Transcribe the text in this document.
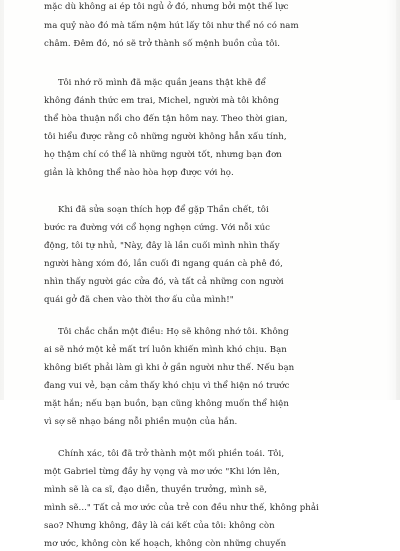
mặc dù không ai ép tôi ngủ ở đó, nhưng bởi một thế lực
ma quỷ nào đó mà tấm nệm hút lấy tôi như thể nó có nam
châm. Đêm đó, nó sẽ trở thành số mệnh buồn của tôi.
Tôi nhớ rõ mình đã mặc quần jeans thật khẽ để
không đánh thức em trai, Michel, người mà tôi không
thể hòa thuận nổi cho đến tận hôm nay. Theo thời gian,
tôi hiểu được rằng cô những người không hẳn xấu tính,
họ thậm chí có thể là những người tốt, nhưng bạn đơn
giản là không thể nào hòa hợp được với họ.
Khi đã sửa soạn thích hợp để gặp Thần chết, tôi
bước ra đường với cổ họng nghẹn cứng. Với nỗi xúc
động, tôi tự nhủ, "Này, đây là lần cuối mình nhìn thấy
người hàng xóm đó, lần cuối đi ngang quán cà phê đó,
nhìn thấy người gác cửa đó, và tất cả những con người
quái gở đã chen vào thời thơ ấu của mình!"
Tôi chắc chắn một điều: Họ sẽ không nhớ tôi. Không
ai sẽ nhớ một kẻ mất trí luôn khiến mình khó chịu. Bạn
không biết phải làm gì khi ở gần người như thế. Nếu bạn
đang vui vẻ, bạn cảm thấy khó chịu vì thể hiện nó trước
mặt hắn; nếu bạn buồn, bạn cũng không muốn thể hiện
vì sợ sẽ nhạo báng nỗi phiền muộn của hắn.
Chính xác, tôi đã trở thành một mối phiền toái. Tôi,
một Gabriel từng đầy hy vọng và mơ ước "Khi lớn lên,
mình sẽ là ca sĩ, đạo diễn, thuyền trưởng, mình sẽ,
mình sẽ..." Tất cả mơ ước của trẻ con đều như thế, không phải
sao? Nhưng không, đây là cái kết của tôi: không còn
mơ ước, không còn kế hoạch, không còn những chuyến
